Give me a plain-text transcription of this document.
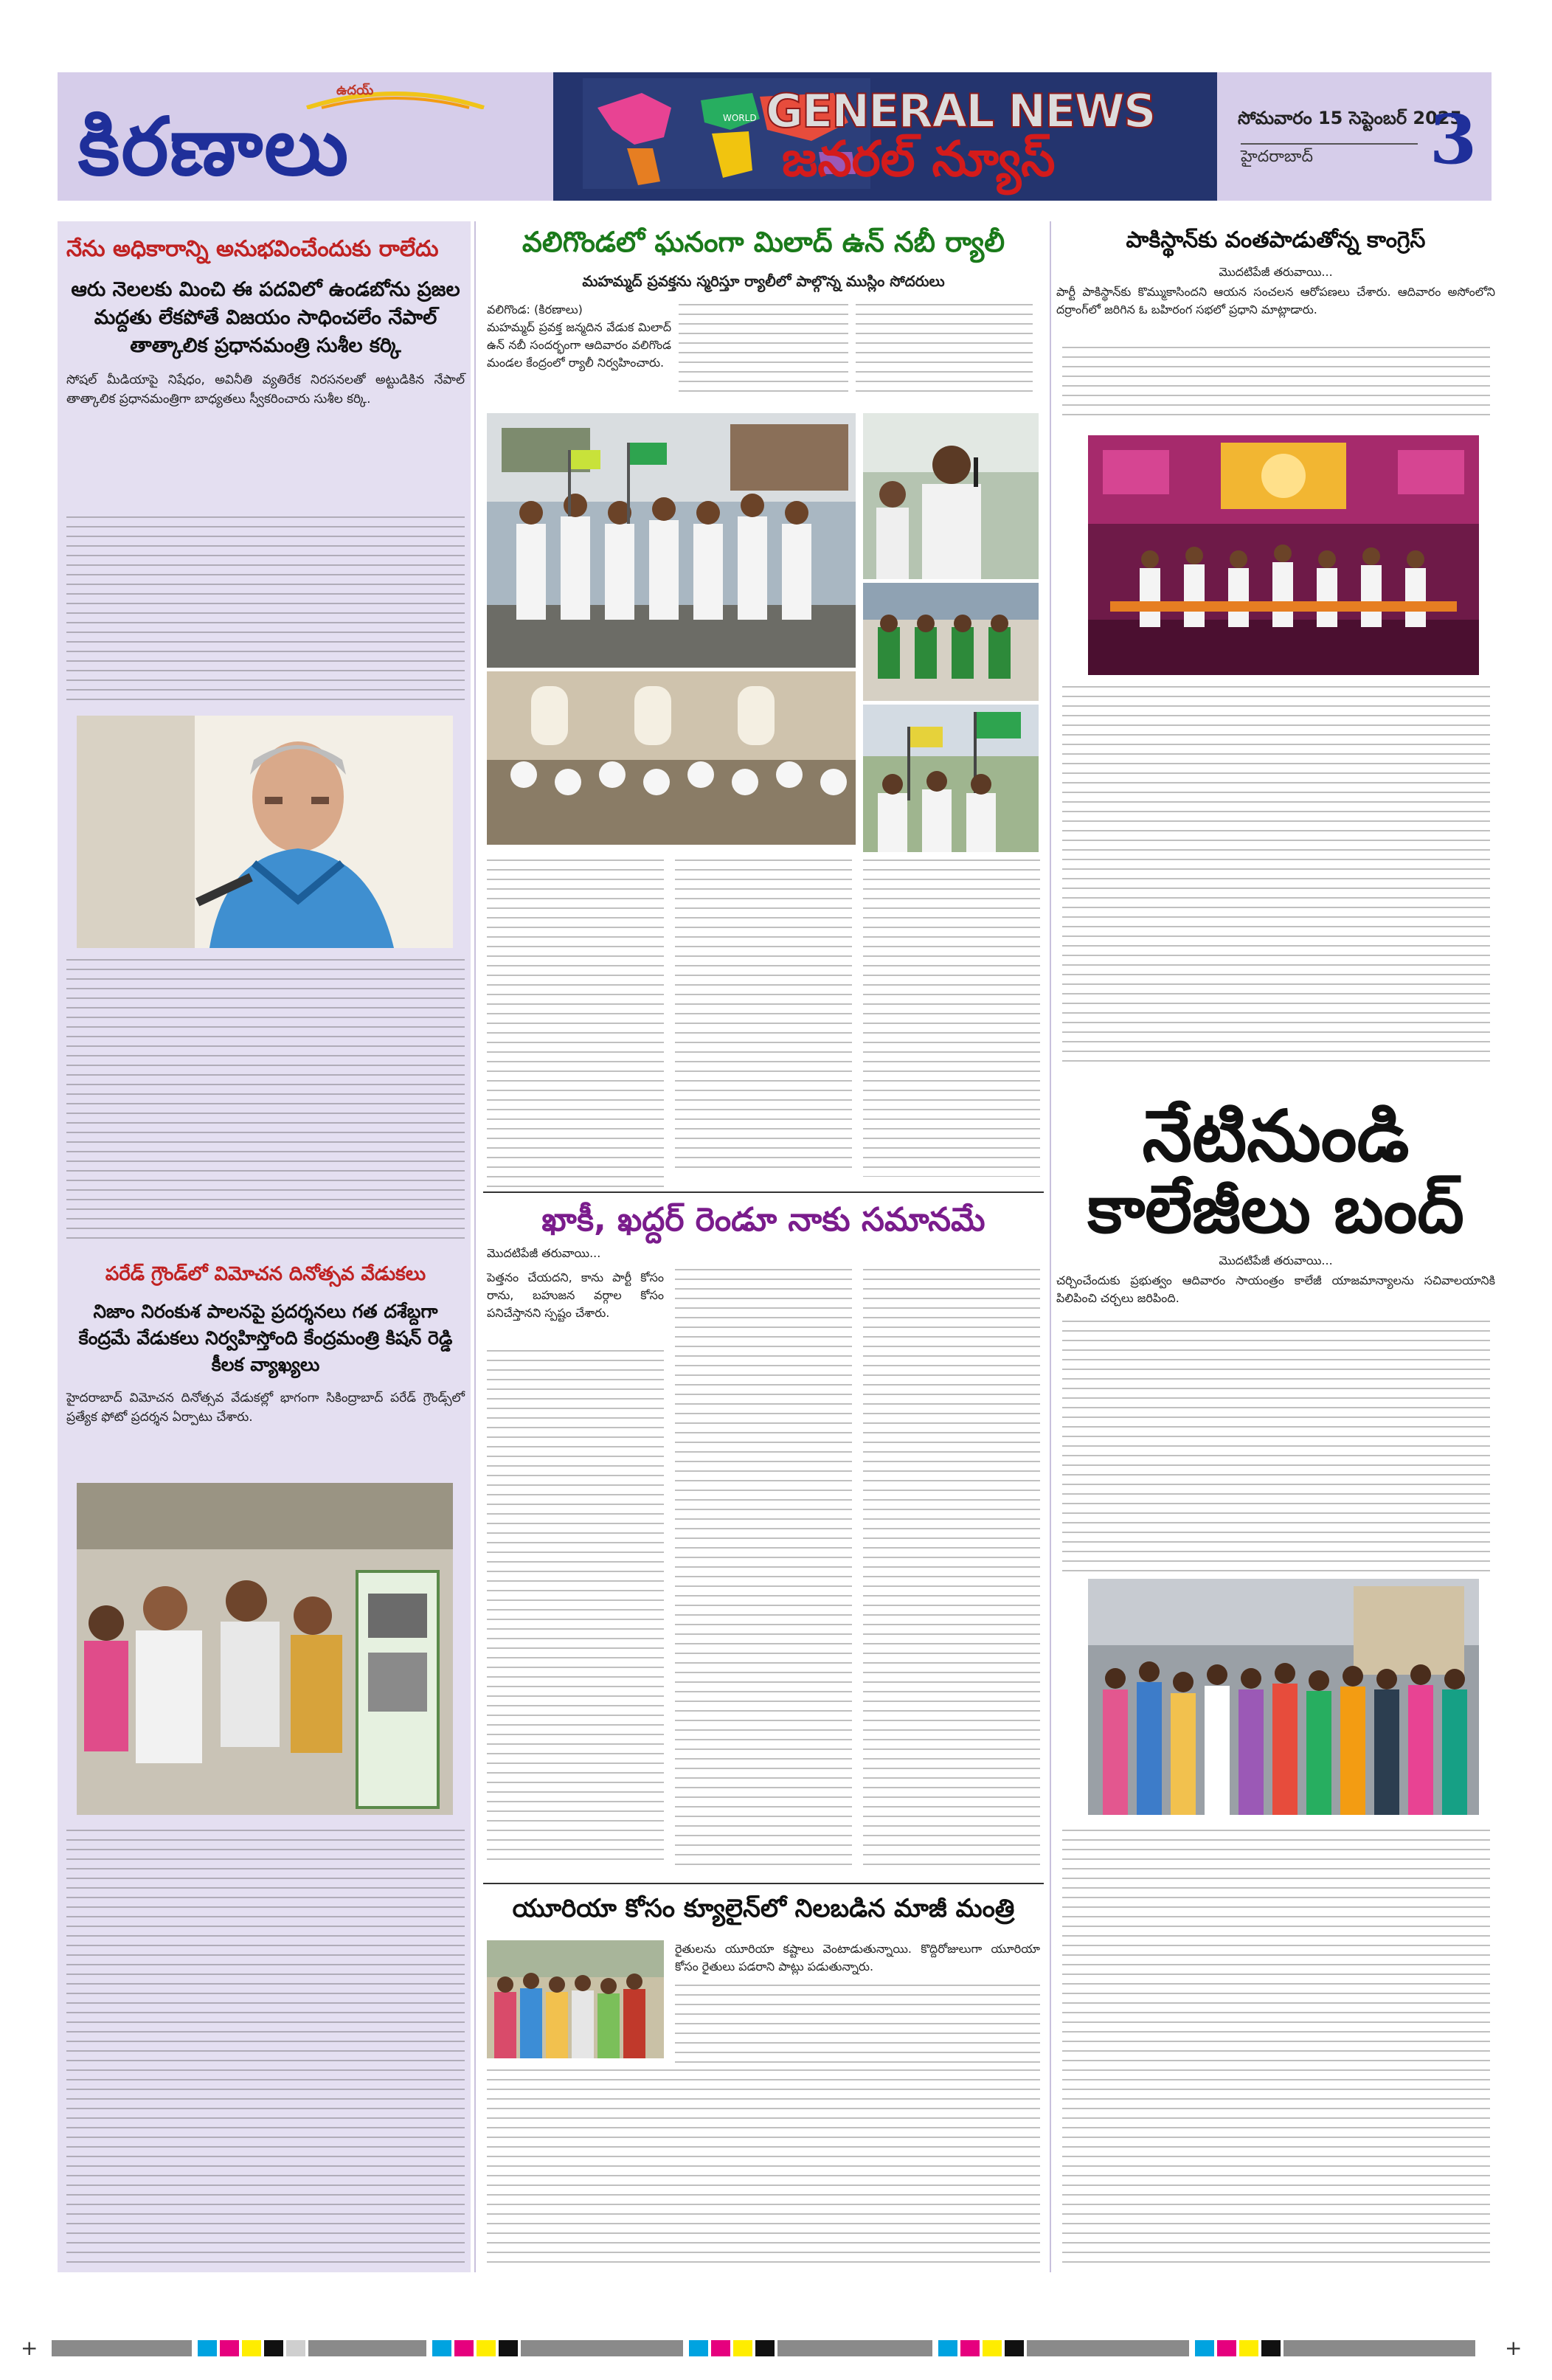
ఉదయ్
కిరణాలు	WORLD GENERAL NEWS
జనరల్ న్యూస్
సోమవారం 15 సెప్టెంబర్ 2025
హైదరాబాద్	3
నేను అధికారాన్ని అనుభవించేందుకు రాలేదు
ఆరు నెలలకు మించి ఈ పదవిలో ఉండబోను ప్రజల మద్దతు లేకపోతే విజయం సాధించలేం నేపాల్ తాత్కాలిక ప్రధానమంత్రి సుశీల కర్కి
సోషల్ మీడియాపై నిషేధం, అవినీతి వ్యతిరేక నిరసనలతో అట్టుడికిన నేపాల్ తాత్కాలిక ప్రధానమంత్రిగా బాధ్యతలు స్వీకరించారు సుశీల కర్కి.
పరేడ్ గ్రౌండ్‌లో విమోచన దినోత్సవ వేడుకలు
నిజాం నిరంకుశ పాలనపై ప్రదర్శనలు గత దశేబ్దగా కేంద్రమే వేడుకలు నిర్వహిస్తోంది కేంద్రమంత్రి కిషన్ రెడ్డి కీలక వ్యాఖ్యలు
హైదరాబాద్ విమోచన దినోత్సవ వేడుకల్లో భాగంగా సికింద్రాబాద్ పరేడ్ గ్రౌండ్స్‌లో ప్రత్యేక ఫోటో ప్రదర్శన ఏర్పాటు చేశారు.
వలిగొండలో ఘనంగా మిలాద్ ఉన్ నబీ ర్యాలీ
మహమ్మద్ ప్రవక్తను స్మరిస్తూ ర్యాలీలో పాల్గొన్న ముస్లిం సోదరులు
వలిగొండ: (కిరణాలు)
మహమ్మద్ ప్రవక్త జన్మదిన వేడుక మిలాద్ ఉన్ నబీ సందర్భంగా ఆదివారం వలిగొండ మండల కేంద్రంలో ర్యాలీ నిర్వహించారు.
ఖాకీ, ఖద్దర్ రెండూ నాకు సమానమే
మొదటిపేజీ తరువాయి...
పెత్తనం చేయదని, కాను పార్టీ కోసం రాను, బహుజన వర్గాల కోసం పనిచేస్తానని స్పష్టం చేశారు.
యూరియా కోసం క్యూలైన్‌లో నిలబడిన మాజీ మంత్రి
రైతులను యూరియా కష్టాలు వెంటాడుతున్నాయి. కొద్దిరోజులుగా యూరియా కోసం రైతులు పడరాని పాట్లు పడుతున్నారు.
పాకిస్థాన్‌కు వంతపాడుతోన్న కాంగ్రెస్
మొదటిపేజీ తరువాయి...
పార్టీ పాకిస్థాన్‌కు కొమ్ముకాసిందని ఆయన సంచలన ఆరోపణలు చేశారు. ఆదివారం అసోంలోని దర్రాంగ్‌లో జరిగిన ఓ బహిరంగ సభలో ప్రధాని మాట్లాడారు.
నేటినుండి
కాలేజీలు బంద్
మొదటిపేజీ తరువాయి...
చర్చించేందుకు ప్రభుత్వం ఆదివారం సాయంత్రం కాలేజీ యాజమాన్యాలను సచివాలయానికి పిలిపించి చర్చలు జరిపింది.
+	+
